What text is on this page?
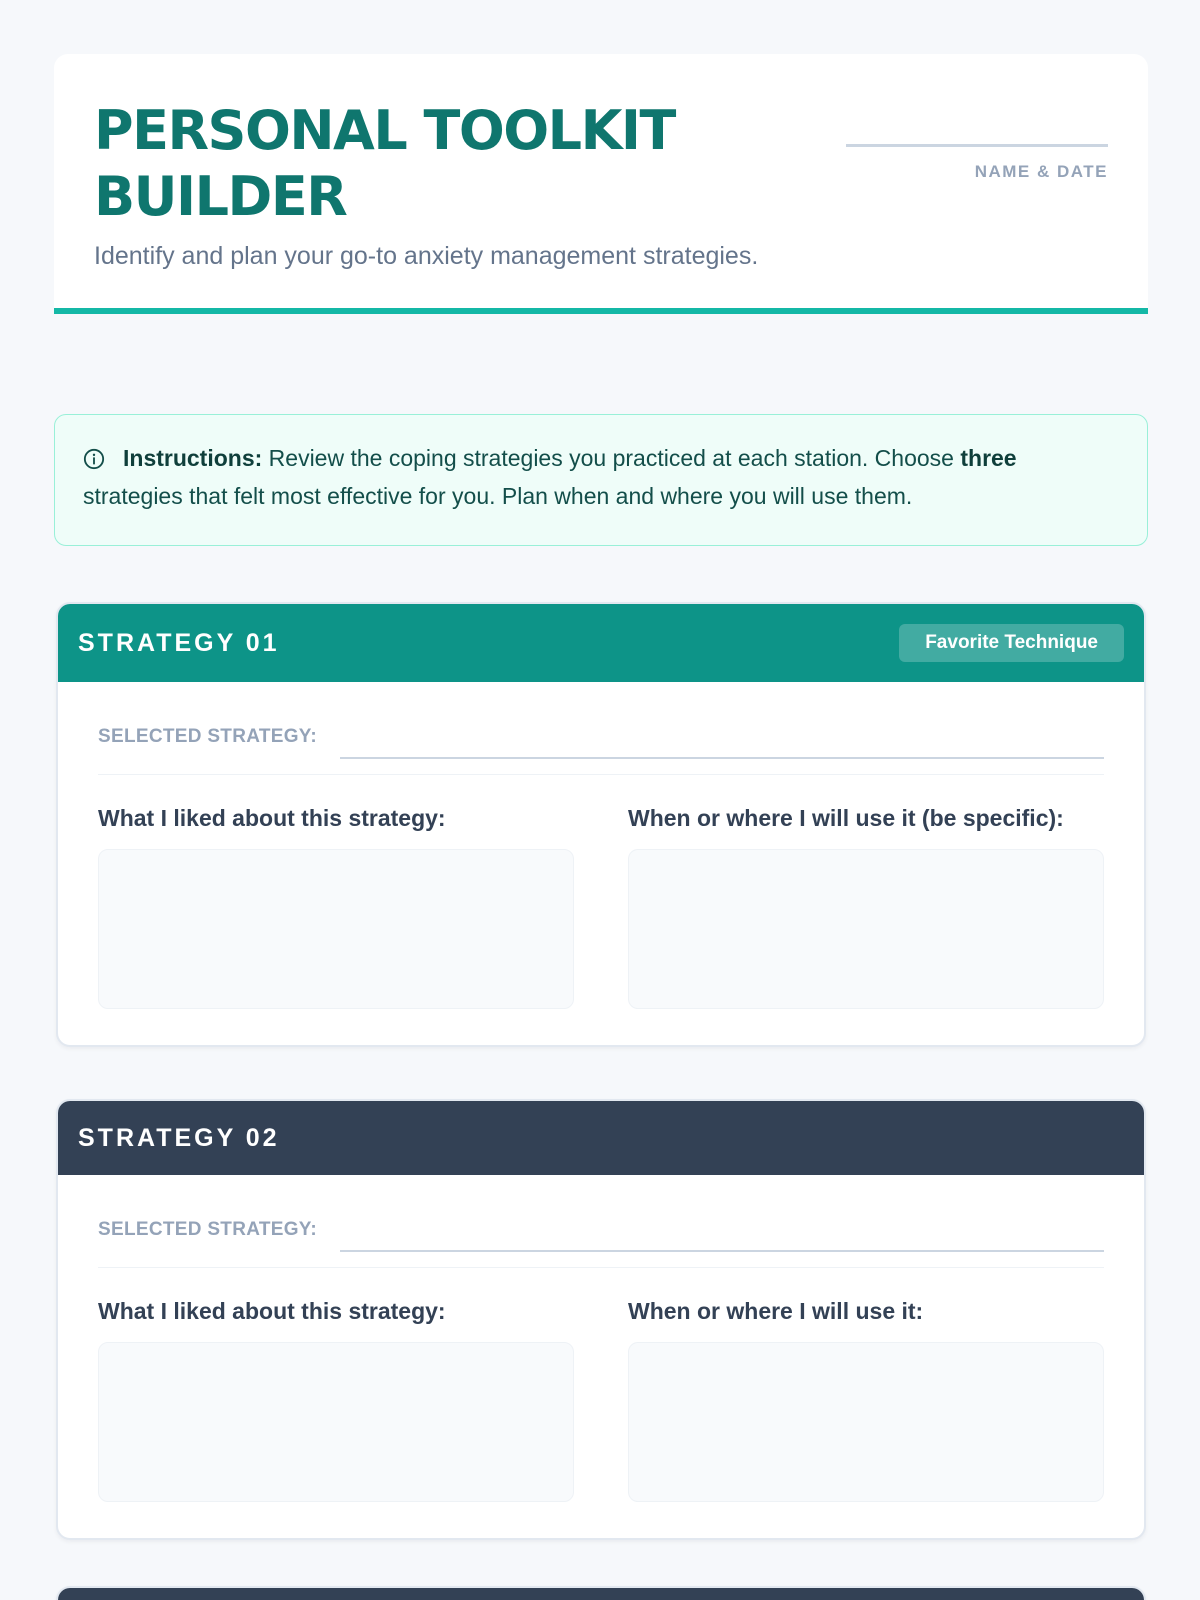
PERSONAL TOOLKIT BUILDER

Identify and plan your go-to anxiety management strategies.

NAME & DATE
Instructions: Review the coping strategies you practiced at each station. Choose three strategies that felt most effective for you. Plan when and where you will use them.
STRATEGY 01	Favorite Technique
SELECTED STRATEGY:
What I liked about this strategy:	When or where I will use it (be specific):
STRATEGY 02
SELECTED STRATEGY:
What I liked about this strategy:	When or where I will use it:
